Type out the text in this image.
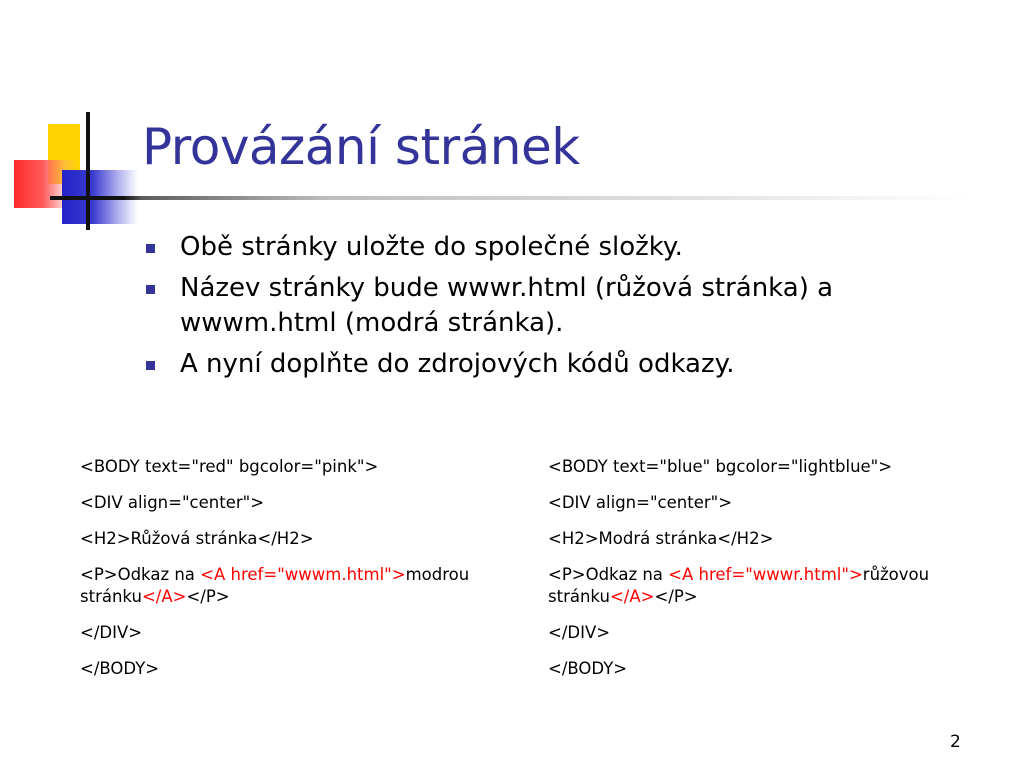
Provázání stránek
Obě stránky uložte do společné složky.
Název stránky bude wwwr.html (růžová stránka) a wwwm.html (modrá stránka).
A nyní doplňte do zdrojových kódů odkazy.

<BODY text="red" bgcolor="pink">

<DIV align="center">

<H2>Růžová stránka</H2>

<P>Odkaz na <A href="wwwm.html">modrou stránku</A></P>

</DIV>

</BODY>

<BODY text="blue" bgcolor="lightblue">

<DIV align="center">

<H2>Modrá stránka</H2>

<P>Odkaz na <A href="wwwr.html">růžovou stránku</A></P>

</DIV>

</BODY>

2
